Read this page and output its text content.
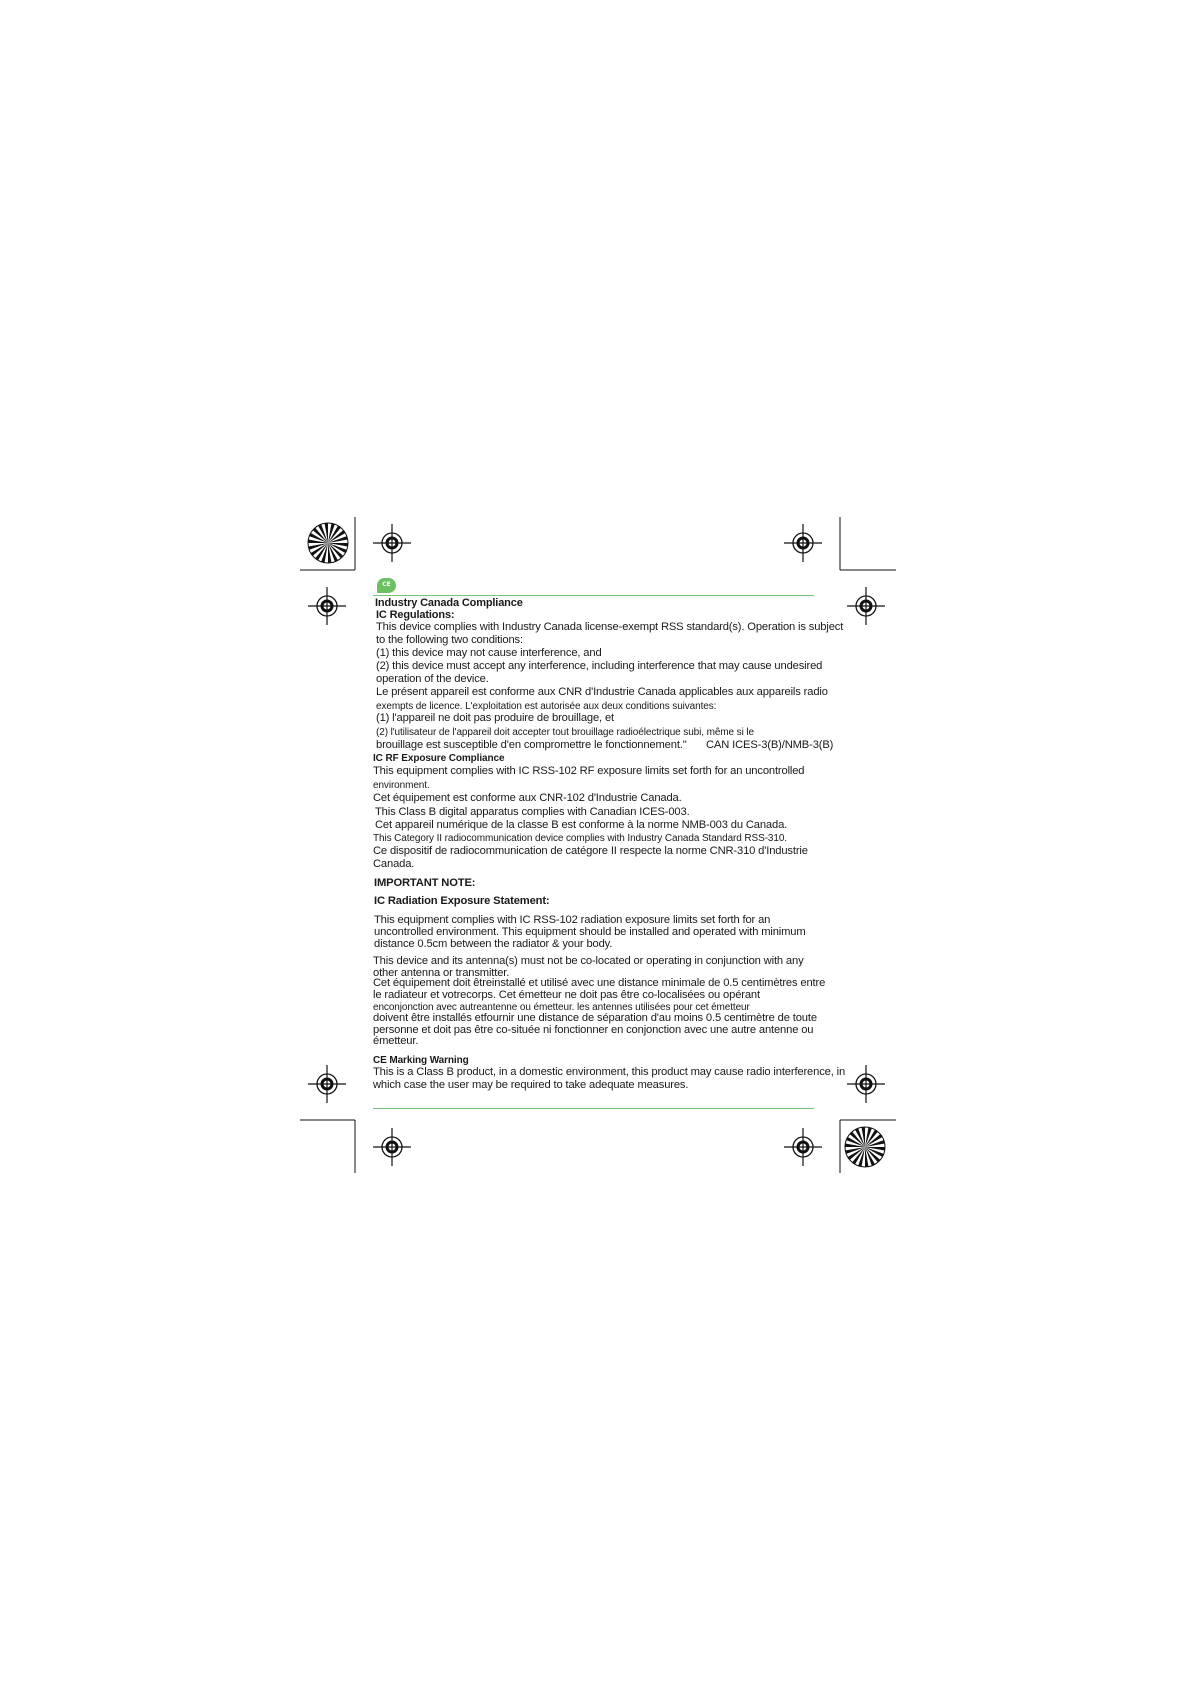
CE
Industry Canada Compliance
IC Regulations:
This device complies with Industry Canada license-exempt RSS standard(s). Operation is subject
to the following two conditions:
(1) this device may not cause interference, and
(2) this device must accept any interference, including interference that may cause undesired
operation of the device.
Le présent appareil est conforme aux CNR d'Industrie Canada applicables aux appareils radio
exempts de licence. L'exploitation est autorisée aux deux conditions suivantes:
(1) l'appareil ne doit pas produire de brouillage, et
(2) l'utilisateur de l'appareil doit accepter tout brouillage radioélectrique subi, même si le
brouillage est susceptible d'en compromettre le fonctionnement." CAN ICES-3(B)/NMB-3(B)
IC RF Exposure Compliance
This equipment complies with IC RSS-102 RF exposure limits set forth for an uncontrolled
environment.
Cet équipement est conforme aux CNR-102 d'Industrie Canada.
This Class B digital apparatus complies with Canadian ICES-003.
Cet appareil numérique de la classe B est conforme à la norme NMB-003 du Canada.
This Category II radiocommunication device complies with Industry Canada Standard RSS-310.
Ce dispositif de radiocommunication de catégore II respecte la norme CNR-310 d'Industrie
Canada.
IMPORTANT NOTE:
IC Radiation Exposure Statement:
This equipment complies with IC RSS-102 radiation exposure limits set forth for an
uncontrolled environment. This equipment should be installed and operated with minimum
distance 0.5cm between the radiator & your body.
This device and its antenna(s) must not be co-located or operating in conjunction with any
other antenna or transmitter.
Cet équipement doit êtreinstallé et utilisé avec une distance minimale de 0.5 centimètres entre
le radiateur et votrecorps. Cet émetteur ne doit pas être co-localisées ou opérant
enconjonction avec autreantenne ou émetteur. les antennes utilisées pour cet émetteur
doivent être installés etfournir une distance de séparation d'au moins 0.5 centimètre de toute
personne et doit pas être co-située ni fonctionner en conjonction avec une autre antenne ou
émetteur.
CE Marking Warning
This is a Class B product, in a domestic environment, this product may cause radio interference, in
which case the user may be required to take adequate measures.
